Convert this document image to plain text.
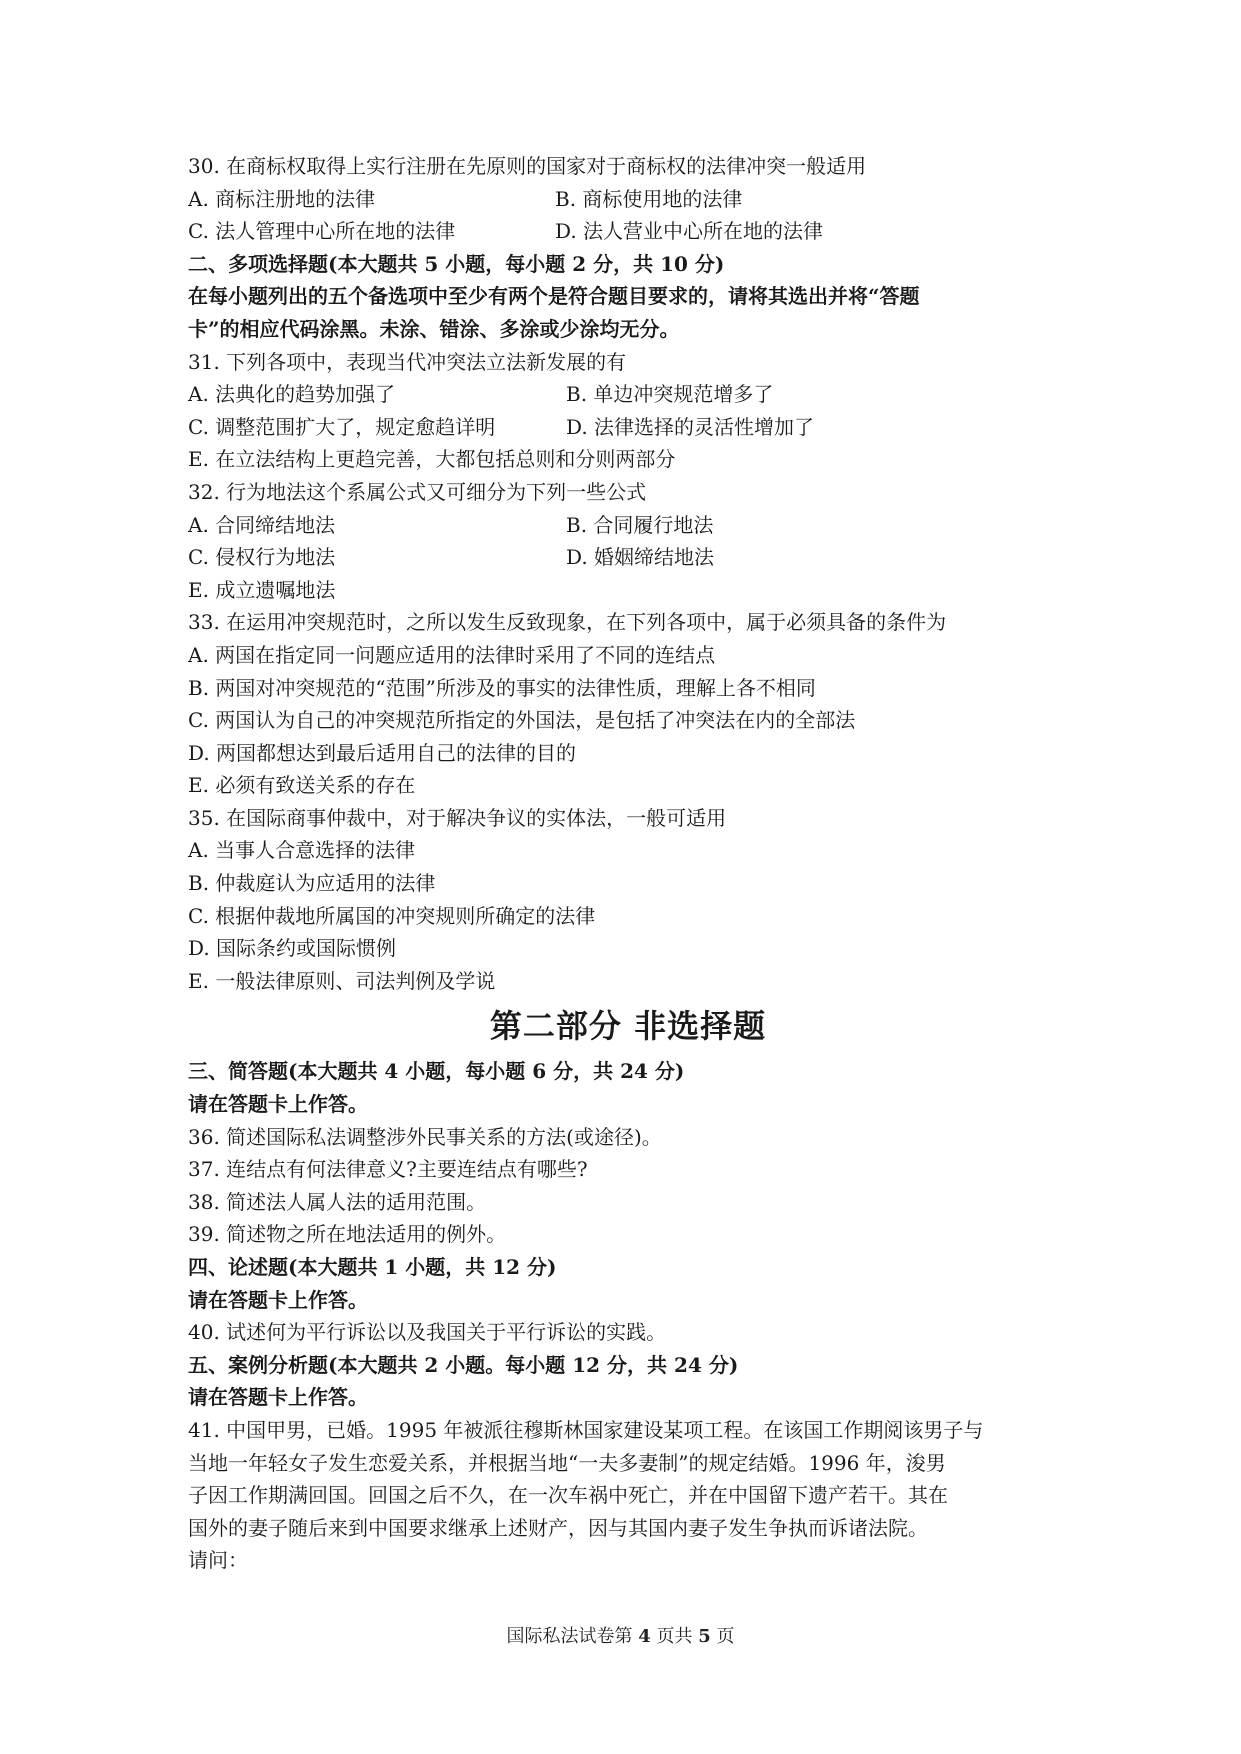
30. 在商标权取得上实行注册在先原则的国家对于商标权的法律冲突一般适用
A. 商标注册地的法律	B. 商标使用地的法律
C. 法人管理中心所在地的法律	D. 法人营业中心所在地的法律
二、多项选择题(本大题共 5 小题，每小题 2 分，共 10 分)
在每小题列出的五个备选项中至少有两个是符合题目要求的，请将其选出并将“答题
卡”的相应代码涂黑。未涂、错涂、多涂或少涂均无分。
31. 下列各项中，表现当代冲突法立法新发展的有
A. 法典化的趋势加强了	B. 单边冲突规范增多了
C. 调整范围扩大了，规定愈趋详明	D. 法律选择的灵活性增加了
E. 在立法结构上更趋完善，大都包括总则和分则两部分
32. 行为地法这个系属公式又可细分为下列一些公式
A. 合同缔结地法	B. 合同履行地法
C. 侵权行为地法	D. 婚姻缔结地法
E. 成立遗嘱地法
33. 在运用冲突规范时，之所以发生反致现象，在下列各项中，属于必须具备的条件为
A. 两国在指定同一问题应适用的法律时采用了不同的连结点
B. 两国对冲突规范的“范围”所涉及的事实的法律性质，理解上各不相同
C. 两国认为自己的冲突规范所指定的外国法，是包括了冲突法在内的全部法
D. 两国都想达到最后适用自己的法律的目的
E. 必须有致送关系的存在
35. 在国际商事仲裁中，对于解决争议的实体法，一般可适用
A. 当事人合意选择的法律
B. 仲裁庭认为应适用的法律
C. 根据仲裁地所属国的冲突规则所确定的法律
D. 国际条约或国际惯例
E. 一般法律原则、司法判例及学说
第二部分 非选择题
三、简答题(本大题共 4 小题，每小题 6 分，共 24 分)
请在答题卡上作答。
36. 简述国际私法调整涉外民事关系的方法(或途径)。
37. 连结点有何法律意义?主要连结点有哪些?
38. 简述法人属人法的适用范围。
39. 简述物之所在地法适用的例外。
四、论述题(本大题共 1 小题，共 12 分)
请在答题卡上作答。
40. 试述何为平行诉讼以及我国关于平行诉讼的实践。
五、案例分析题(本大题共 2 小题。每小题 12 分，共 24 分)
请在答题卡上作答。
41. 中国甲男，已婚。1995 年被派往穆斯林国家建设某项工程。在该国工作期阅该男子与
当地一年轻女子发生恋爱关系，并根据当地“一夫多妻制”的规定结婚。1996 年，浚男
子因工作期满回国。回国之后不久，在一次车祸中死亡，并在中国留下遗产若干。其在
国外的妻子随后来到中国要求继承上述财产，因与其国内妻子发生争执而诉诸法院。
请问：
国际私法试卷第 4 页共 5 页
